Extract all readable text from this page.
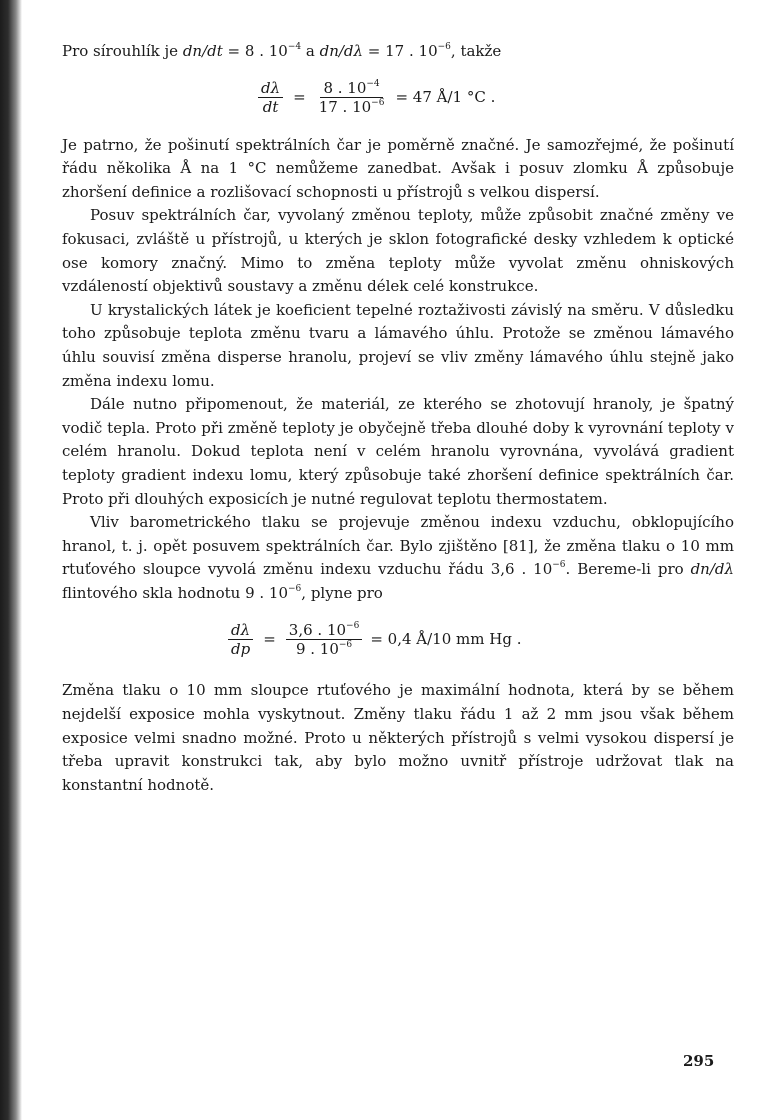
Pro sírouhlík je dn/dt = 8 . $10^{-4}$ a dn/dλ = 17 . $10^{-6}$, takže

$\frac{d\lambda}{dt} = \frac{8 . 10^{-4}}{17 . 10^{-6}} = 47$ Å/1 °C .

Je patrno, že pošinutí spektrálních čar je poměrně značné. Je samozřejmé, že pošinutí řádu několika Å na 1 °C nemůžeme zanedbat. Avšak i posuv zlomku Å způsobuje zhoršení definice a rozlišovací schopnosti u přístrojů s velkou dispersí.

Posuv spektrálních čar, vyvolaný změnou teploty, může způsobit značné změny ve fokusaci, zvláště u přístrojů, u kterých je sklon fotografické desky vzhledem k optické ose komory značný. Mimo to změna teploty může vyvolat změnu ohniskových vzdáleností objektivů soustavy a změnu délek celé konstrukce.

U krystalických látek je koeficient tepelné roztaživosti závislý na směru. V důsledku toho způsobuje teplota změnu tvaru a lámavého úhlu. Protože se změnou lámavého úhlu souvisí změna disperse hranolu, projeví se vliv změny lámavého úhlu stejně jako změna indexu lomu.

Dále nutno připomenout, že materiál, ze kterého se zhotovují hranoly, je špatný vodič tepla. Proto při změně teploty je obyčejně třeba dlouhé doby k vyrovnání teploty v celém hranolu. Dokud teplota není v celém hranolu vyrovnána, vyvolává gradient teploty gradient indexu lomu, který způsobuje také zhoršení definice spektrálních čar. Proto při dlouhých exposicích je nutné regulovat teplotu thermostatem.

Vliv barometrického tlaku se projevuje změnou indexu vzduchu, obklopujícího hranol, t. j. opět posuvem spektrálních čar. Bylo zjištěno [81], že změna tlaku o 10 mm rtuťového sloupce vyvolá změnu indexu vzduchu řádu 3,6 . $10^{-6}$. Bereme-li pro dn/dλ flintového skla hodnotu 9 . $10^{-6}$, plyne pro

$\frac{d\lambda}{dp} = \frac{3,6 . 10^{-6}}{9 . 10^{-6}} = 0,4$ Å/10 mm Hg .

Změna tlaku o 10 mm sloupce rtuťového je maximální hodnota, která by se během nejdelší exposice mohla vyskytnout. Změny tlaku řádu 1 až 2 mm jsou však během exposice velmi snadno možné. Proto u některých přístrojů s velmi vysokou dispersí je třeba upravit konstrukci tak, aby bylo možno uvnitř přístroje udržovat tlak na konstantní hodnotě.

295
